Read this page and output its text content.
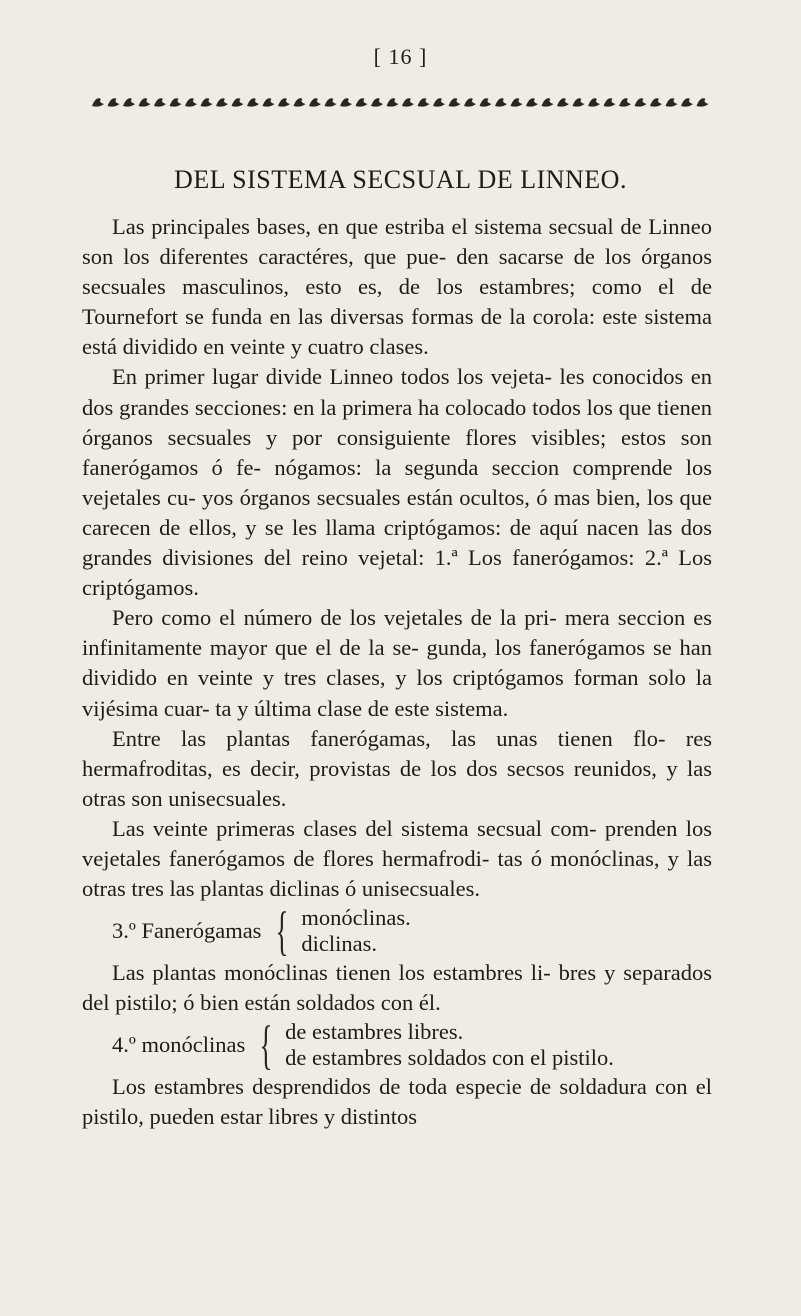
[ 16 ]
DEL SISTEMA SECSUAL DE LINNEO.

Las principales bases, en que estriba el sistema secsual de Linneo son los diferentes caractéres, que pue- den sacarse de los órganos secsuales masculinos, esto es, de los estambres; como el de Tournefort se funda en las diversas formas de la corola: este sistema está dividido en veinte y cuatro clases.

En primer lugar divide Linneo todos los vejeta- les conocidos en dos grandes secciones: en la primera ha colocado todos los que tienen órganos secsuales y por consiguiente flores visibles; estos son fanerógamos ó fe- nógamos: la segunda seccion comprende los vejetales cu- yos órganos secsuales están ocultos, ó mas bien, los que carecen de ellos, y se les llama criptógamos: de aquí nacen las dos grandes divisiones del reino vejetal: 1.ª Los fanerógamos: 2.ª Los criptógamos.

Pero como el número de los vejetales de la pri- mera seccion es infinitamente mayor que el de la se- gunda, los fanerógamos se han dividido en veinte y tres clases, y los criptógamos forman solo la vijésima cuar- ta y última clase de este sistema.

Entre las plantas fanerógamas, las unas tienen flo- res hermafroditas, es decir, provistas de los dos secsos reunidos, y las otras son unisecsuales.

Las veinte primeras clases del sistema secsual com- prenden los vejetales fanerógamos de flores hermafrodi- tas ó monóclinas, y las otras tres las plantas diclinas ó unisecsuales.

3.º Fanerógamas { monóclinas.
diclinas.

Las plantas monóclinas tienen los estambres li- bres y separados del pistilo; ó bien están soldados con él.

4.º monóclinas { de estambres libres.
de estambres soldados con el pistilo.

Los estambres desprendidos de toda especie de soldadura con el pistilo, pueden estar libres y distintos
